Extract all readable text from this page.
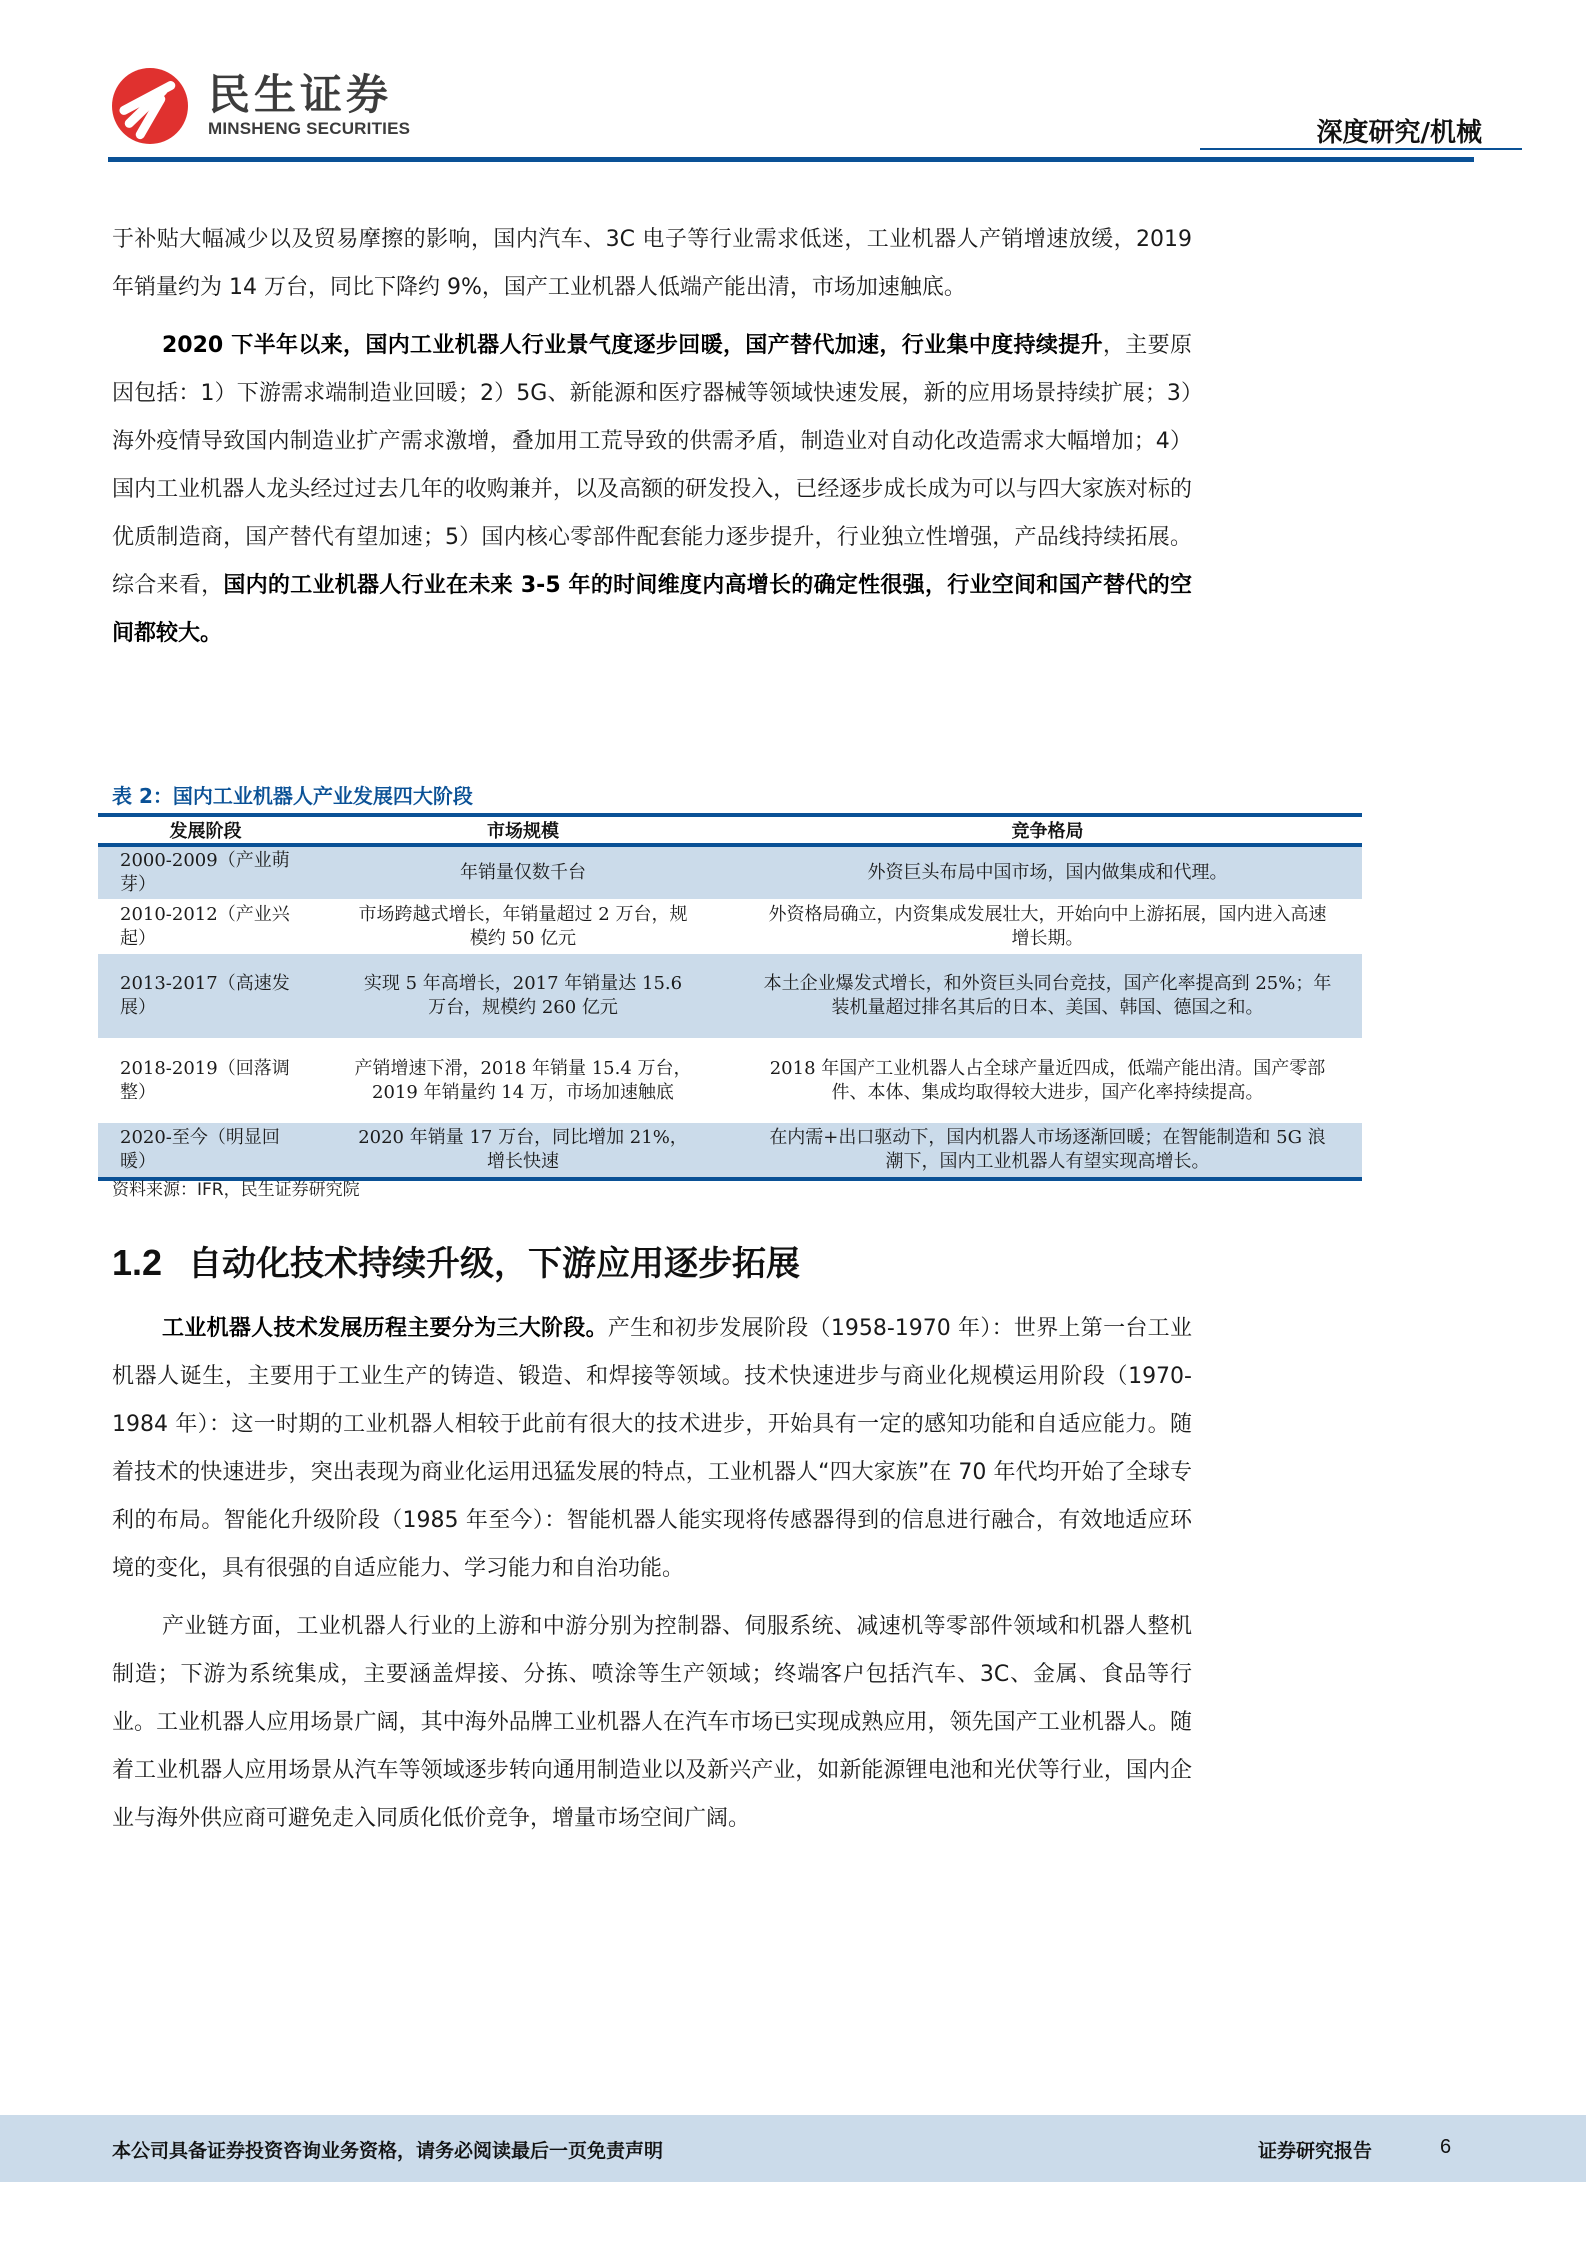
民生证券
MINSHENG SECURITIES	深度研究/机械

于补贴大幅减少以及贸易摩擦的影响，国内汽车、3C 电子等行业需求低迷，工业机器人产销增速放缓，2019 年销量约为 14 万台，同比下降约 9%，国产工业机器人低端产能出清，市场加速触底。

2020 下半年以来，国内工业机器人行业景气度逐步回暖，国产替代加速，行业集中度持续提升，主要原因包括：1）下游需求端制造业回暖；2）5G、新能源和医疗器械等领域快速发展，新的应用场景持续扩展；3）海外疫情导致国内制造业扩产需求激增，叠加用工荒导致的供需矛盾，制造业对自动化改造需求大幅增加；4）国内工业机器人龙头经过过去几年的收购兼并，以及高额的研发投入，已经逐步成长成为可以与四大家族对标的优质制造商，国产替代有望加速；5）国内核心零部件配套能力逐步提升，行业独立性增强，产品线持续拓展。综合来看，国内的工业机器人行业在未来 3-5 年的时间维度内高增长的确定性很强，行业空间和国产替代的空间都较大。

表 2：国内工业机器人产业发展四大阶段
发展阶段	市场规模	竞争格局
2000-2009（产业萌芽）	年销量仅数千台	外资巨头布局中国市场，国内做集成和代理。
2010-2012（产业兴起）	市场跨越式增长，年销量超过 2 万台，规模约 50 亿元	外资格局确立，内资集成发展壮大，开始向中上游拓展，国内进入高速增长期。
2013-2017（高速发展）	实现 5 年高增长，2017 年销量达 15.6 万台，规模约 260 亿元	本土企业爆发式增长，和外资巨头同台竞技，国产化率提高到 25%；年装机量超过排名其后的日本、美国、韩国、德国之和。
2018-2019（回落调整）	产销增速下滑，2018 年销量 15.4 万台，2019 年销量约 14 万，市场加速触底	2018 年国产工业机器人占全球产量近四成，低端产能出清。国产零部件、本体、集成均取得较大进步，国产化率持续提高。
2020-至今（明显回暖）	2020 年销量 17 万台，同比增加 21%，增长快速	在内需+出口驱动下，国内机器人市场逐渐回暖；在智能制造和 5G 浪潮下，国内工业机器人有望实现高增长。
资料来源：IFR，民生证券研究院
1.2 自动化技术持续升级，下游应用逐步拓展

工业机器人技术发展历程主要分为三大阶段。产生和初步发展阶段（1958-1970 年）：世界上第一台工业机器人诞生，主要用于工业生产的铸造、锻造、和焊接等领域。技术快速进步与商业化规模运用阶段（1970-1984 年）：这一时期的工业机器人相较于此前有很大的技术进步，开始具有一定的感知功能和自适应能力。随着技术的快速进步，突出表现为商业化运用迅猛发展的特点，工业机器人“四大家族”在 70 年代均开始了全球专利的布局。智能化升级阶段（1985 年至今）：智能机器人能实现将传感器得到的信息进行融合，有效地适应环境的变化，具有很强的自适应能力、学习能力和自治功能。

产业链方面，工业机器人行业的上游和中游分别为控制器、伺服系统、减速机等零部件领域和机器人整机制造；下游为系统集成，主要涵盖焊接、分拣、喷涂等生产领域；终端客户包括汽车、3C、金属、食品等行业。工业机器人应用场景广阔，其中海外品牌工业机器人在汽车市场已实现成熟应用，领先国产工业机器人。随着工业机器人应用场景从汽车等领域逐步转向通用制造业以及新兴产业，如新能源锂电池和光伏等行业，国内企业与海外供应商可避免走入同质化低价竞争，增量市场空间广阔。

本公司具备证券投资咨询业务资格，请务必阅读最后一页免责声明	证券研究报告	6
